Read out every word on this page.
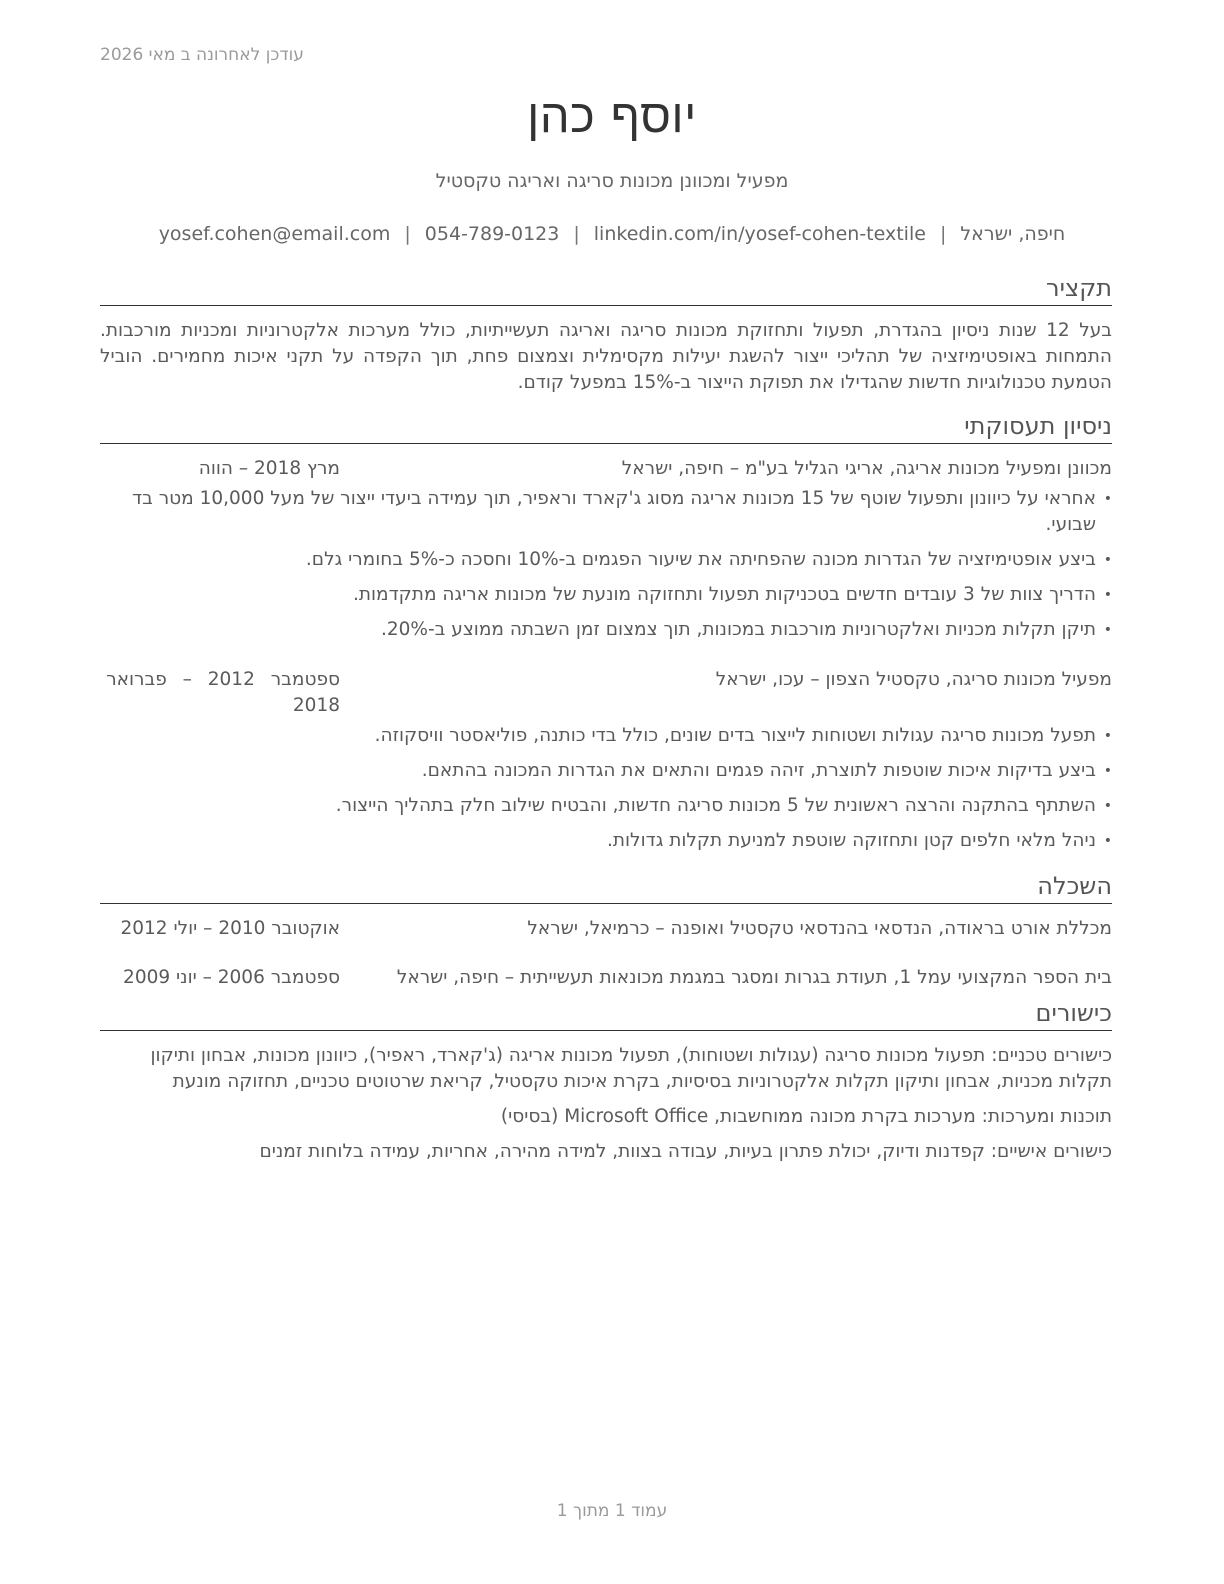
עודכן לאחרונה ב מאי 2026
יוסף כהן
מפעיל ומכוונן מכונות סריגה ואריגה טקסטיל
חיפה, ישראל|yosef.cohen@email.com | 054-789-0123 | linkedin.com/in/yosef-cohen-textile
תקציר
בעל 12 שנות ניסיון בהגדרת, תפעול ותחזוקת מכונות סריגה ואריגה תעשייתיות, כולל מערכות אלקטרוניות ומכניות מורכבות. התמחות באופטימיזציה של תהליכי ייצור להשגת יעילות מקסימלית וצמצום פחת, תוך הקפדה על תקני איכות מחמירים. הוביל הטמעת טכנולוגיות חדשות שהגדילו את תפוקת הייצור ב-15% במפעל קודם.
ניסיון תעסוקתי
מכוונן ומפעיל מכונות אריגה, אריגי הגליל בע"מ – חיפה, ישראל
מרץ 2018 – הווה
• אחראי על כיוונון ותפעול שוטף של 15 מכונות אריגה מסוג ג'קארד וראפיר, תוך עמידה ביעדי ייצור של מעל 10,000 מטר בד שבועי.
• ביצע אופטימיזציה של הגדרות מכונה שהפחיתה את שיעור הפגמים ב-10% וחסכה כ-5% בחומרי גלם.
• הדריך צוות של 3 עובדים חדשים בטכניקות תפעול ותחזוקה מונעת של מכונות אריגה מתקדמות.
• תיקן תקלות מכניות ואלקטרוניות מורכבות במכונות, תוך צמצום זמן השבתה ממוצע ב-20%.
מפעיל מכונות סריגה, טקסטיל הצפון – עכו, ישראל
ספטמבר 2012 – פברואר 2018
• תפעל מכונות סריגה עגולות ושטוחות לייצור בדים שונים, כולל בדי כותנה, פוליאסטר וויסקוזה.
• ביצע בדיקות איכות שוטפות לתוצרת, זיהה פגמים והתאים את הגדרות המכונה בהתאם.
• השתתף בהתקנה והרצה ראשונית של 5 מכונות סריגה חדשות, והבטיח שילוב חלק בתהליך הייצור.
• ניהל מלאי חלפים קטן ותחזוקה שוטפת למניעת תקלות גדולות.
השכלה
מכללת אורט בראודה, הנדסאי בהנדסאי טקסטיל ואופנה – כרמיאל, ישראל
אוקטובר 2010 – יולי 2012
בית הספר המקצועי עמל 1, תעודת בגרות ומסגר במגמת מכונאות תעשייתית – חיפה, ישראל
ספטמבר 2006 – יוני 2009
כישורים
כישורים טכניים: תפעול מכונות סריגה (עגולות ושטוחות), תפעול מכונות אריגה (ג'קארד, ראפיר), כיוונון מכונות, אבחון ותיקון תקלות מכניות, אבחון ותיקון תקלות אלקטרוניות בסיסיות, בקרת איכות טקסטיל, קריאת שרטוטים טכניים, תחזוקה מונעת
תוכנות ומערכות: מערכות בקרת מכונה ממוחשבות, Microsoft Office (בסיסי)
כישורים אישיים: קפדנות ודיוק, יכולת פתרון בעיות, עבודה בצוות, למידה מהירה, אחריות, עמידה בלוחות זמנים
עמוד 1 מתוך 1
